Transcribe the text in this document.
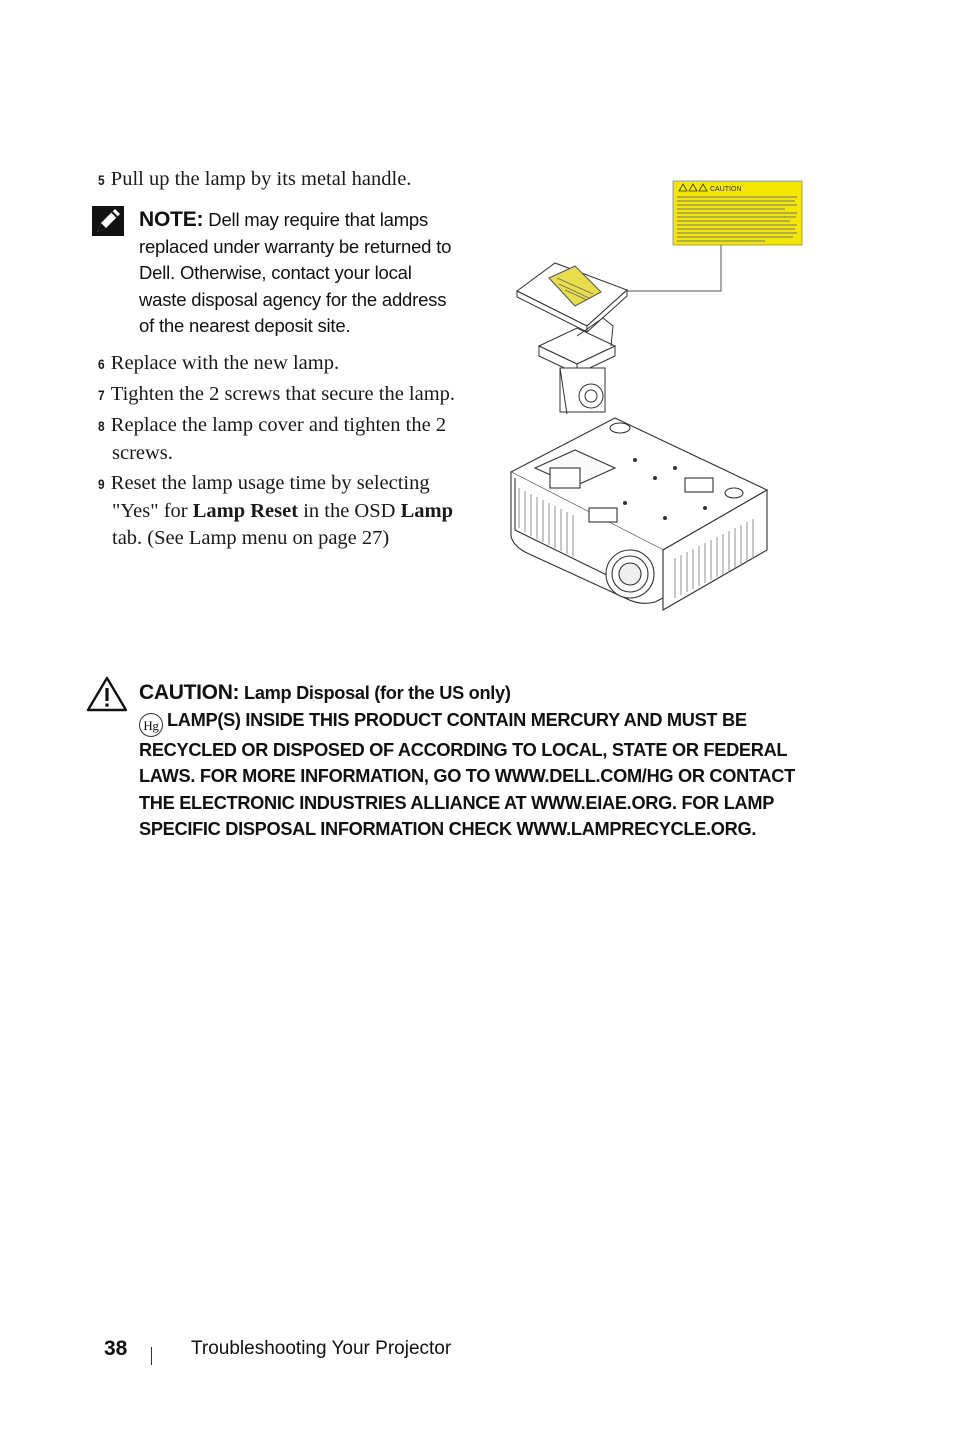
5 Pull up the lamp by its metal handle.
NOTE: Dell may require that lamps
replaced under warranty be returned to
Dell. Otherwise, contact your local
waste disposal agency for the address
of the nearest deposit site.
6 Replace with the new lamp.
7 Tighten the 2 screws that secure the lamp.
8 Replace the lamp cover and tighten the 2
screws.
9 Reset the lamp usage time by selecting
"Yes" for Lamp Reset in the OSD Lamp
tab. (See Lamp menu on page 27)
CAUTION
CAUTION: Lamp Disposal (for the US only)
Hg LAMP(S) INSIDE THIS PRODUCT CONTAIN MERCURY AND MUST BE
RECYCLED OR DISPOSED OF ACCORDING TO LOCAL, STATE OR FEDERAL
LAWS. FOR MORE INFORMATION, GO TO WWW.DELL.COM/HG OR CONTACT
THE ELECTRONIC INDUSTRIES ALLIANCE AT WWW.EIAE.ORG. FOR LAMP
SPECIFIC DISPOSAL INFORMATION CHECK WWW.LAMPRECYCLE.ORG.
38	Troubleshooting Your Projector
